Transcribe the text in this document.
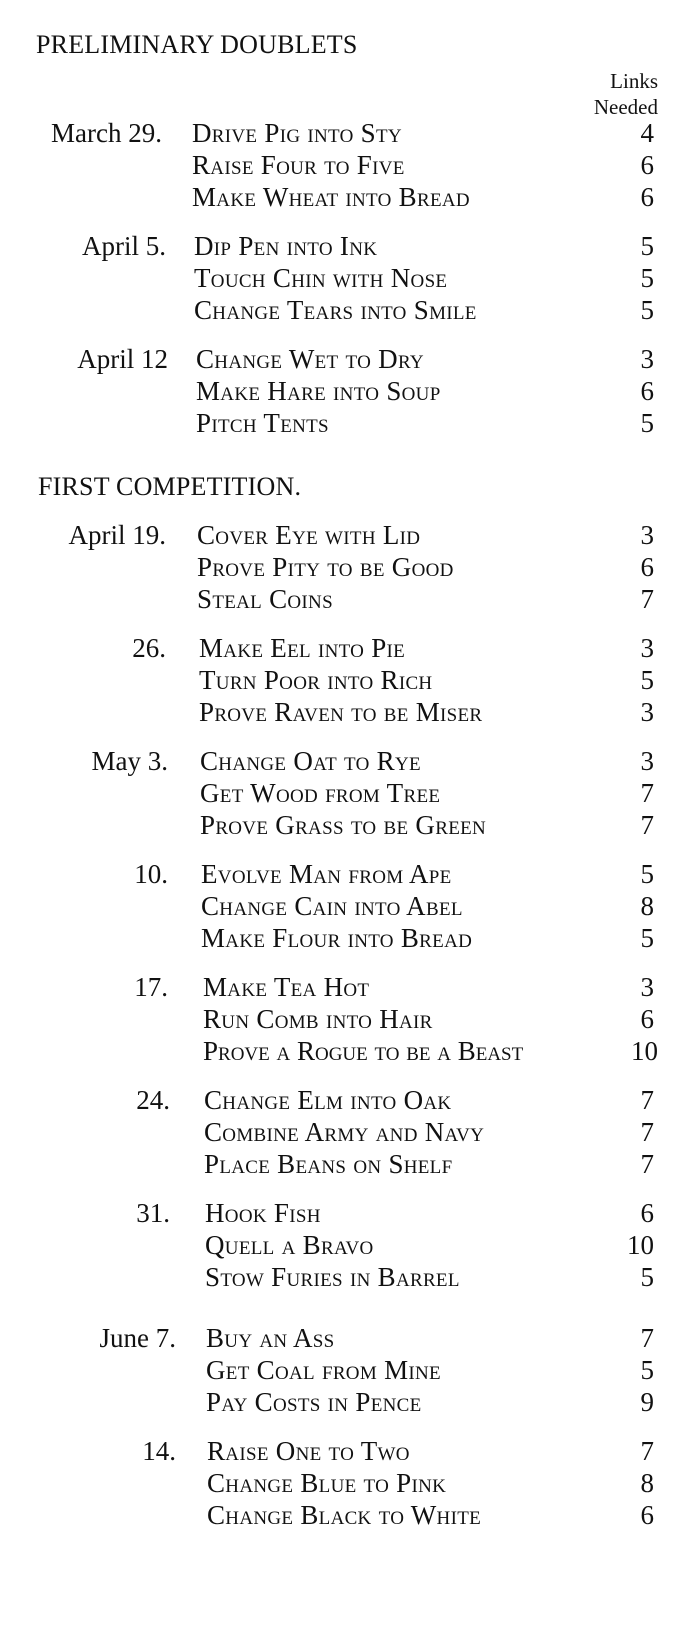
PRELIMINARY DOUBLETS
Links
Needed
March 29. Drive Pig into Sty	4
Raise Four to Five	6
Make Wheat into Bread	6
April 5. Dip Pen into Ink	5
Touch Chin with Nose	5
Change Tears into Smile	5
April 12 Change Wet to Dry	3
Make Hare into Soup	6
Pitch Tents	5
FIRST COMPETITION.
April 19. Cover Eye with Lid	3
Prove Pity to be Good	6
Steal Coins	7
26. Make Eel into Pie	3
Turn Poor into Rich	5
Prove Raven to be Miser	3
May 3. Change Oat to Rye	3
Get Wood from Tree	7
Prove Grass to be Green	7
10. Evolve Man from Ape	5
Change Cain into Abel	8
Make Flour into Bread	5
17. Make Tea Hot	3
Run Comb into Hair	6
Prove a Rogue to be a Beast	10
24. Change Elm into Oak	7
Combine Army and Navy	7
Place Beans on Shelf	7
31. Hook Fish	6
Quell a Bravo	10
Stow Furies in Barrel	5
June 7. Buy an Ass	7
Get Coal from Mine	5
Pay Costs in Pence	9
14. Raise One to Two	7
Change Blue to Pink	8
Change Black to White	6
